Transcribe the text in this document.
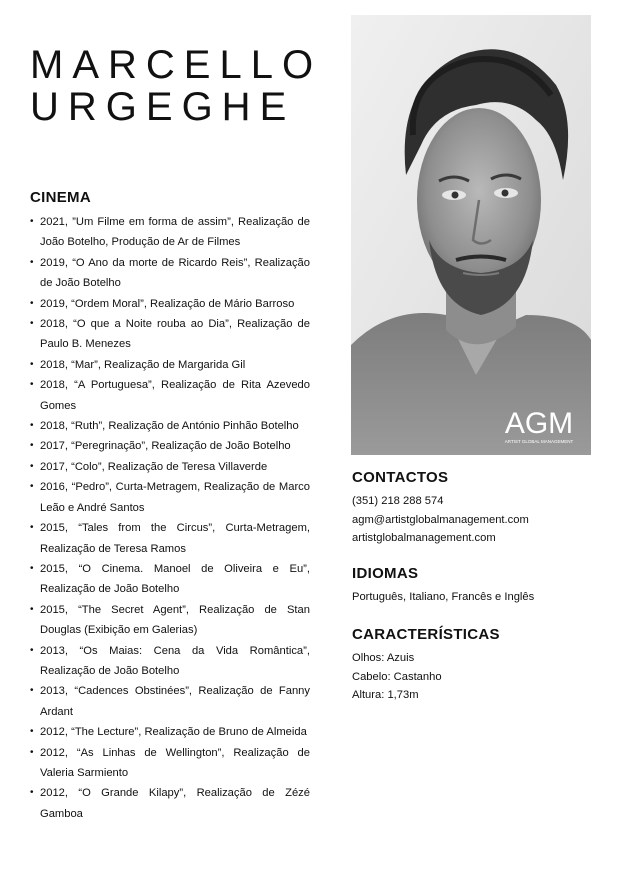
MARCELLO
URGEGHE
CINEMA
• 2021, ”Um Filme em forma de assim”, Realização de João Botelho, Produção de Ar de Filmes
• 2019, “O Ano da morte de Ricardo Reis”, Realização de João Botelho
• 2019, “Ordem Moral”, Realização de Mário Barroso
• 2018, “O que a Noite rouba ao Dia”, Realização de Paulo B. Menezes
• 2018, “Mar”, Realização de Margarida Gil
• 2018, “A Portuguesa”, Realização de Rita Azevedo Gomes
• 2018, “Ruth”, Realização de António Pinhão Botelho
• 2017, “Peregrinação”, Realização de João Botelho
• 2017, “Colo”, Realização de Teresa Villaverde
• 2016, “Pedro”, Curta-Metragem, Realização de Marco Leão e André Santos
• 2015, “Tales from the Circus”, Curta-Metragem, Realização de Teresa Ramos
• 2015, “O Cinema. Manoel de Oliveira e Eu”, Realização de João Botelho
• 2015, “The Secret Agent”, Realização de Stan Douglas (Exibição em Galerias)
• 2013, “Os Maias: Cena da Vida Romântica”, Realização de João Botelho
• 2013, “Cadences Obstinées”, Realização de Fanny Ardant
• 2012, “The Lecture”, Realização de Bruno de Almeida
• 2012, “As Linhas de Wellington”, Realização de Valeria Sarmiento
• 2012, “O Grande Kilapy”, Realização de Zézé Gamboa
AGM
ARTIST GLOBAL MANAGEMENT
CONTACTOS
(351) 218 288 574
agm@artistglobalmanagement.com
artistglobalmanagement.com
IDIOMAS
Português, Italiano, Francês e Inglês
CARACTERÍSTICAS
Olhos: Azuis
Cabelo: Castanho
Altura: 1,73m
